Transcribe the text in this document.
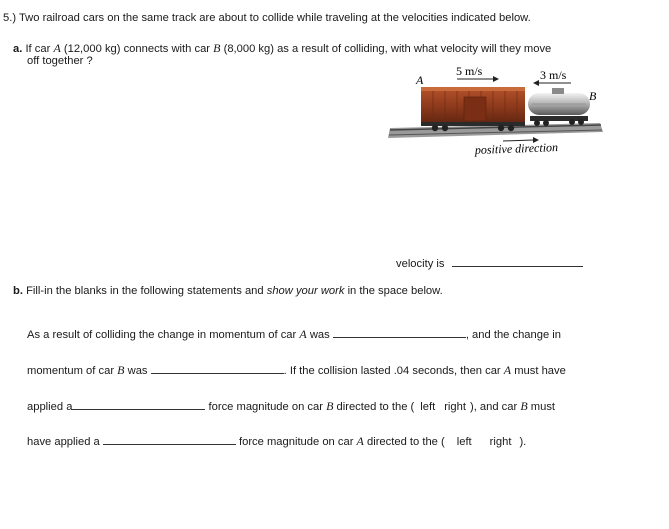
5.) Two railroad cars on the same track are about to collide while traveling at the velocities indicated below.
a. If car A (12,000 kg) connects with car B (8,000 kg) as a result of colliding, with what velocity will they move
off together ?
A
5 m/s	3 m/s
B
positive direction
velocity is
b. Fill-in the blanks in the following statements and show your work in the space below.
As a result of colliding the change in momentum of car A was	, and the change in
momentum of car B was	. If the collision lasted .04 seconds, then car A must have
applied a	force magnitude on car B directed to the ( left right ), and car B must
have applied a	force magnitude on car A directed to the ( left right ).
